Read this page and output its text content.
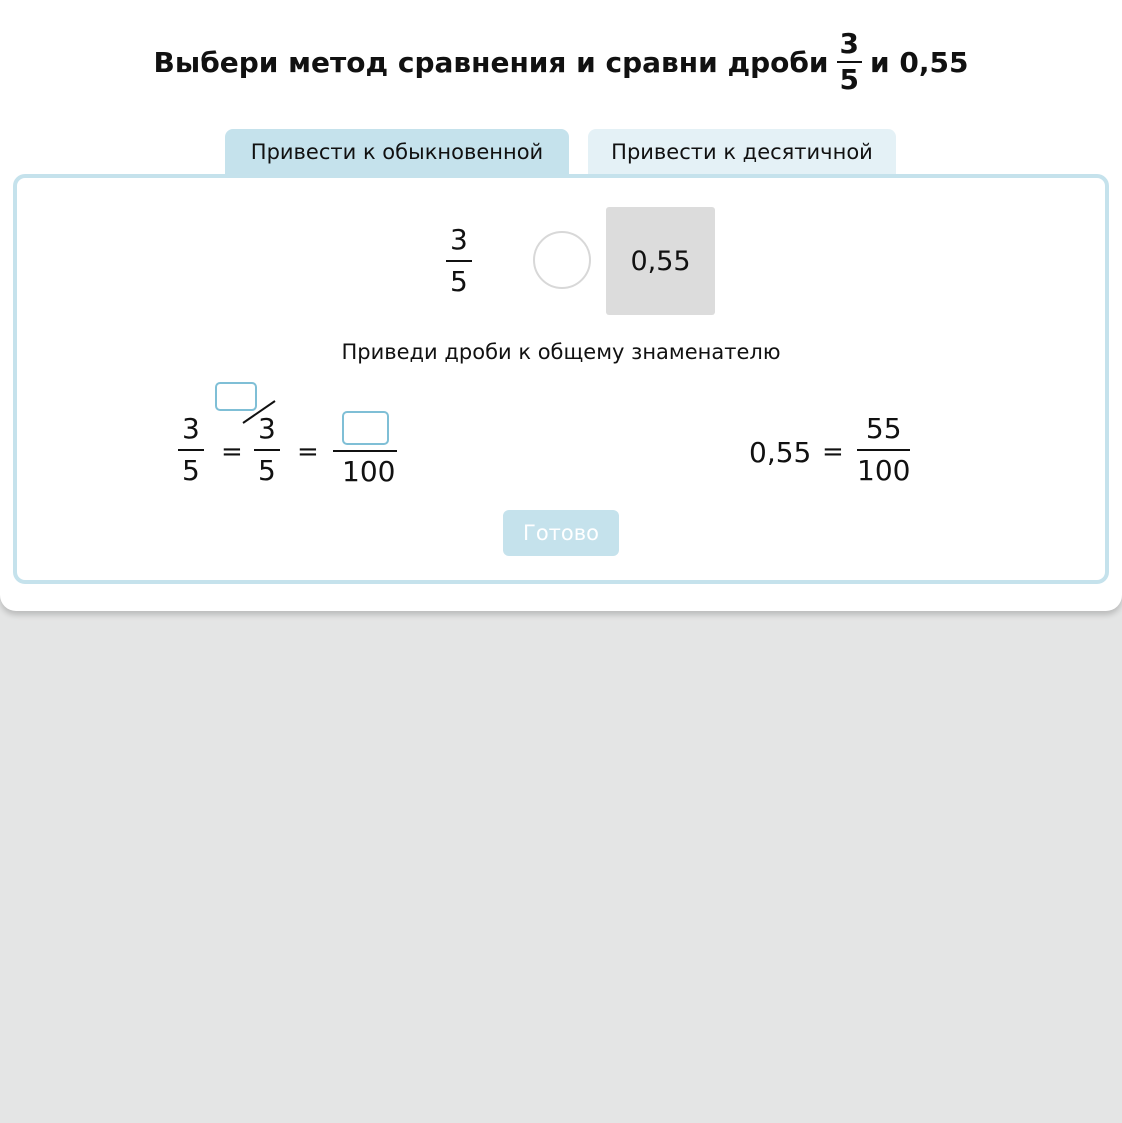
Выбери метод сравнения и сравни дроби $\frac{3}{5}$ и 0,55
Привести к обыкновенной	Привести к десятичной
3
5
0,55
Приведи дроби к общему знаменателю
3
5
=
3
5
=
100
0,55 =
55
100
Готово
